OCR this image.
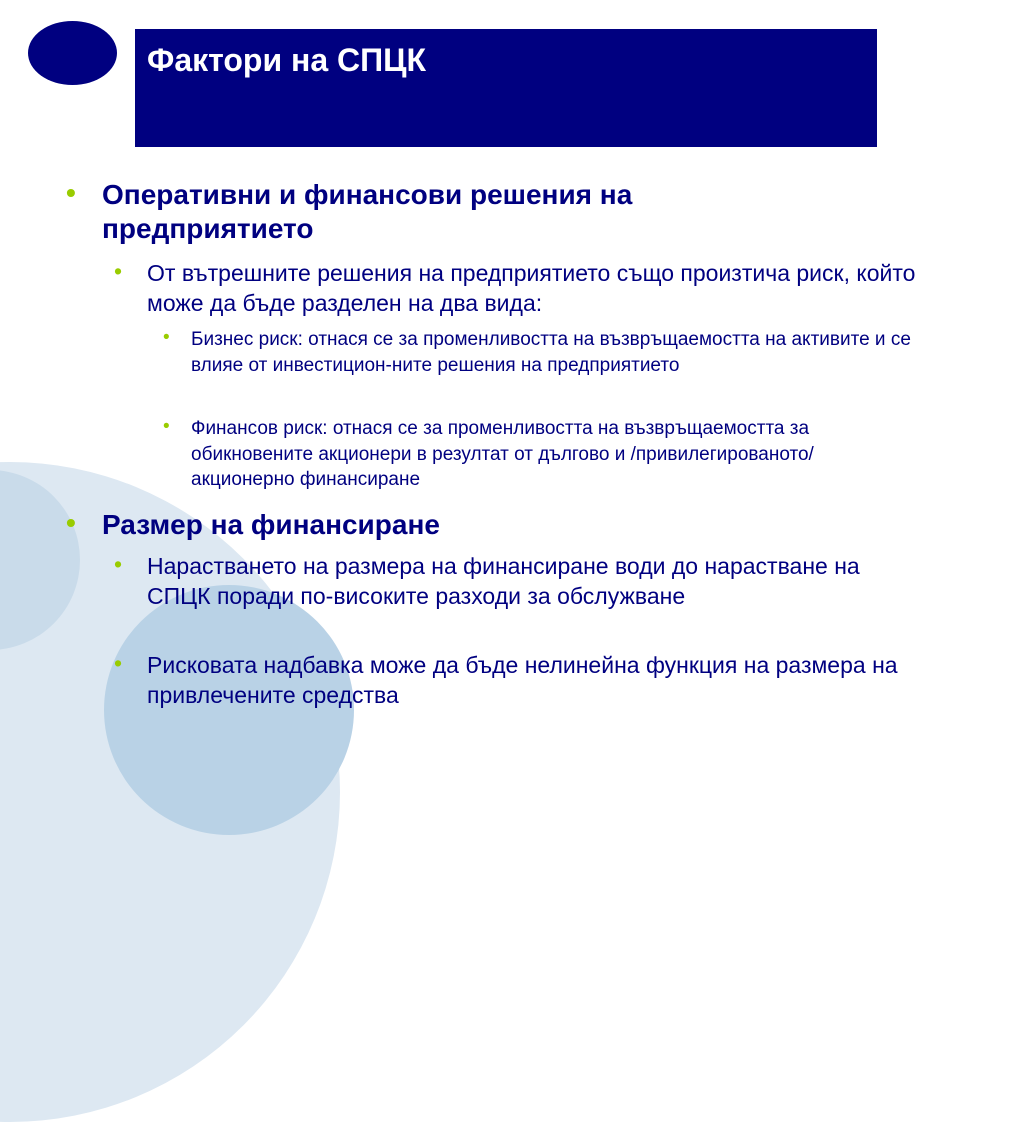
Фактори на СПЦК
• Оперативни и финансови решения на предприятието

• От вътрешните решения на предприятието също произтича риск, който може да бъде разделен на два вида:

• Бизнес риск: отнася се за променливостта на възвръщаемостта на активите и се влияе от инвестицион-ните решения на предприятието

• Финансов риск: отнася се за променливостта на възвръщаемостта за обикновените акционери в резултат от дългово и /привилегированото/ акционерно финансиране

• Размер на финансиране

• Нарастването на размера на финансиране води до нарастване на СПЦК поради по-високите разходи за обслужване

• Рисковата надбавка може да бъде нелинейна функция на размера на привлечените средства
